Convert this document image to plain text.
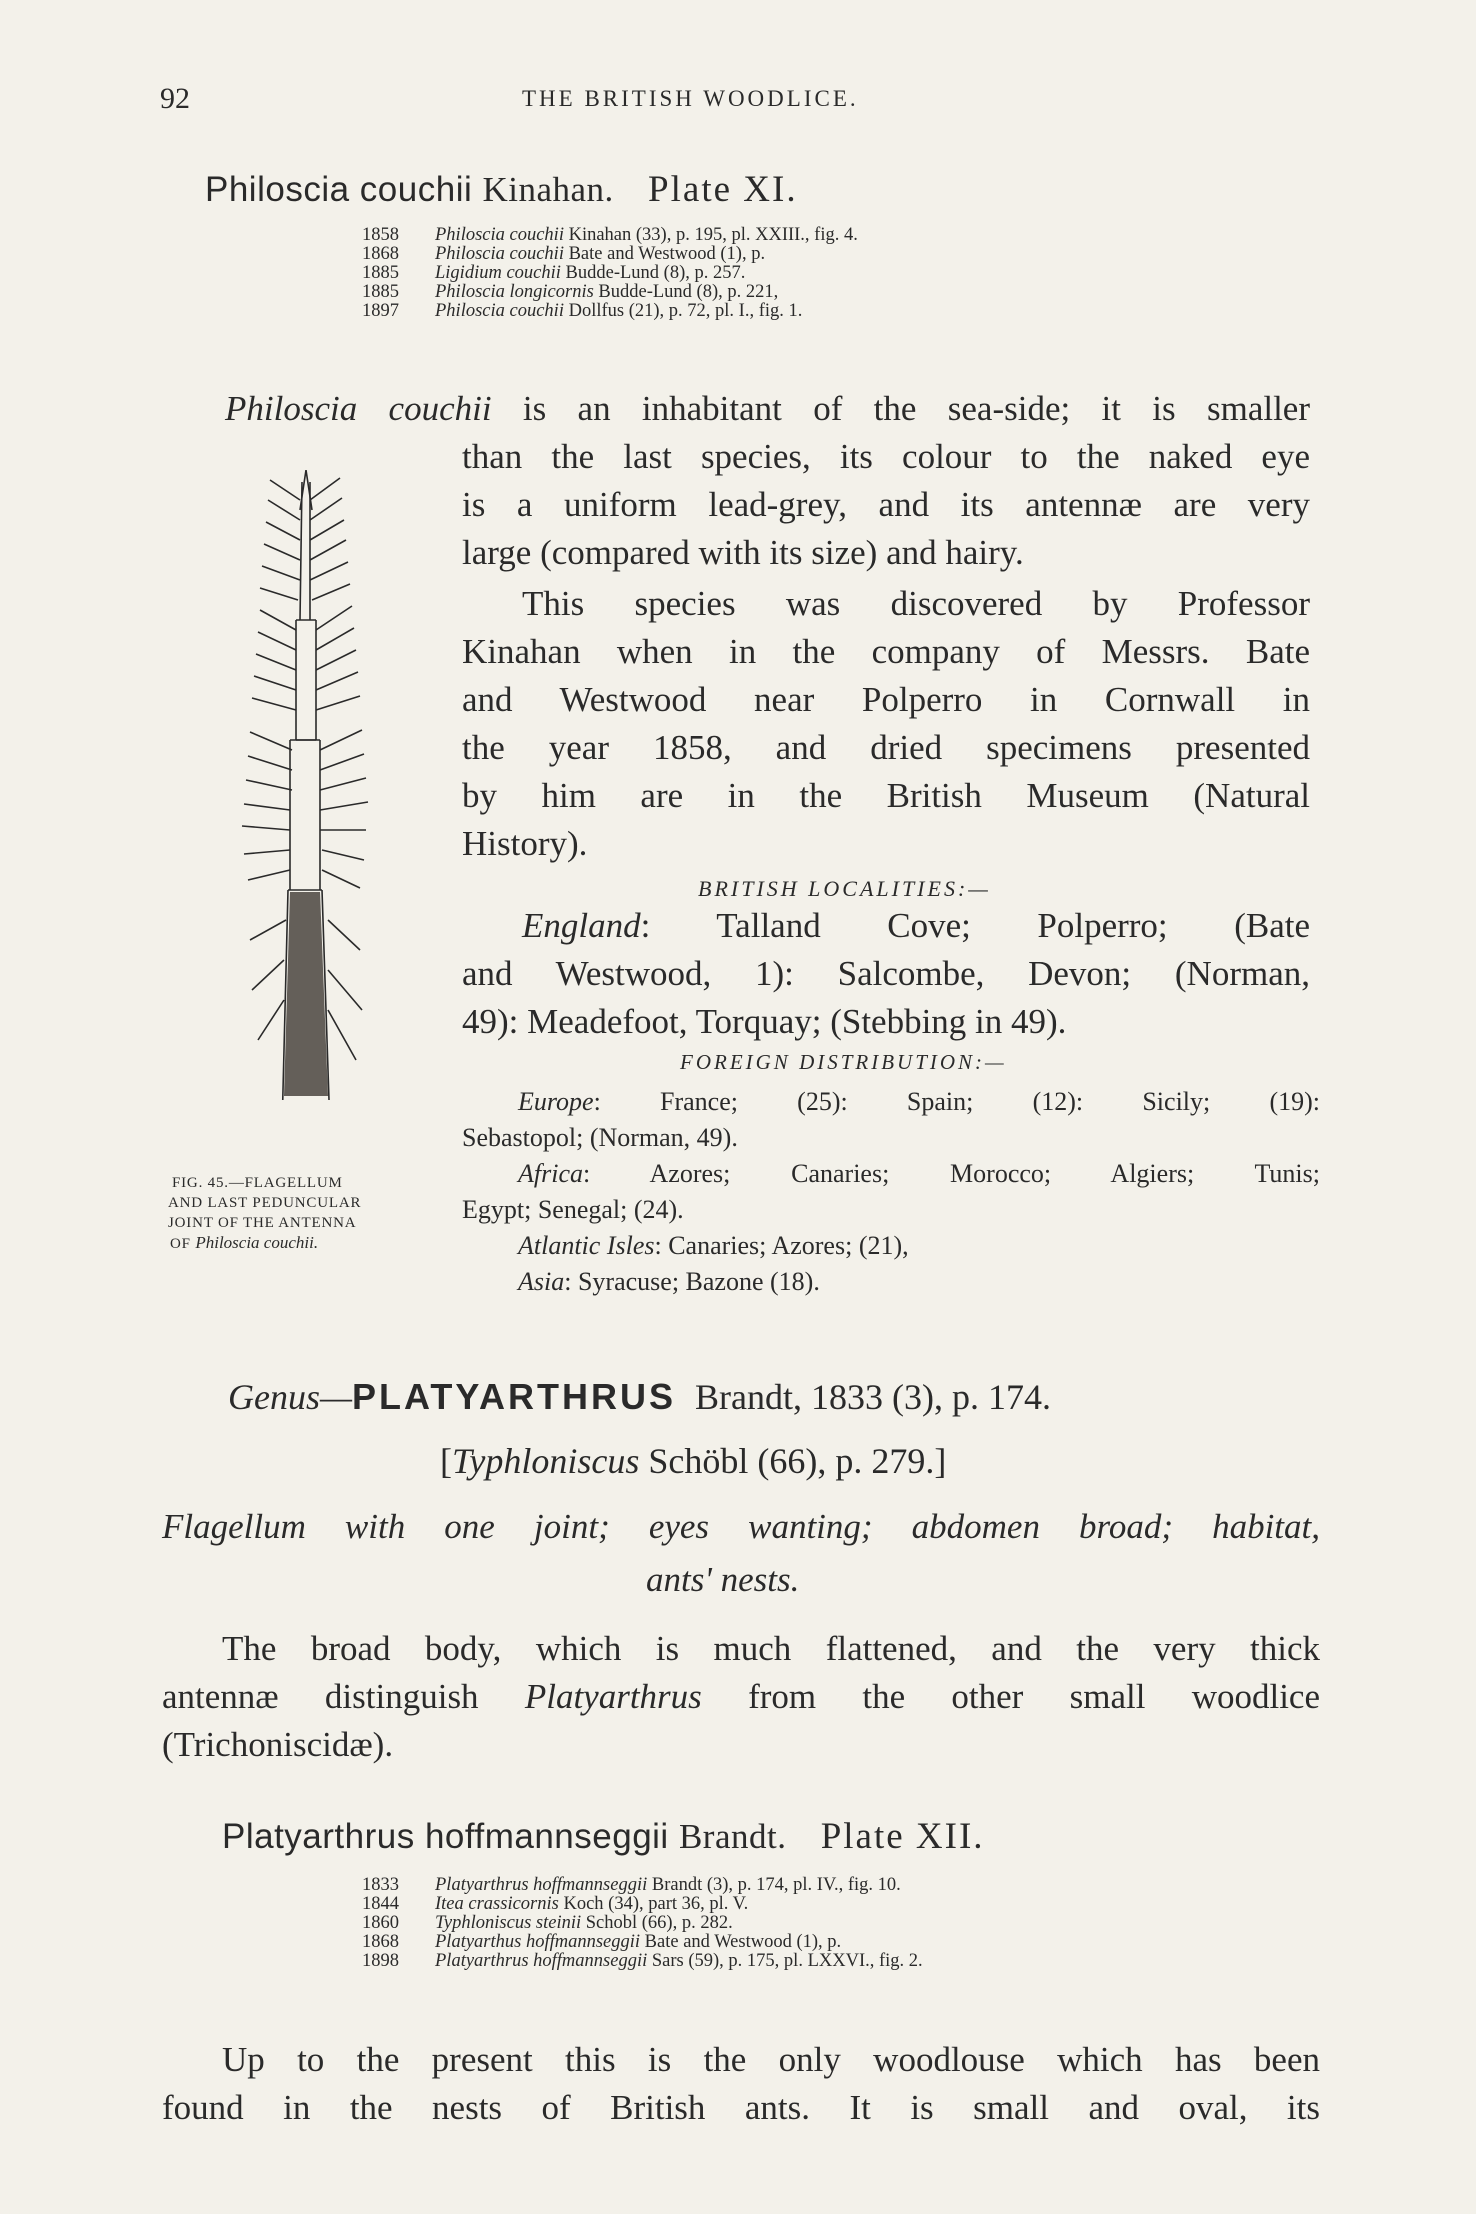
92	THE BRITISH WOODLICE.
Philoscia couchii Kinahan. Plate XI.
1858 Philoscia couchii Kinahan (33), p. 195, pl. XXIII., fig. 4.
1868 Philoscia couchii Bate and Westwood (1), p.
1885 Ligidium couchii Budde-Lund (8), p. 257.
1885 Philoscia longicornis Budde-Lund (8), p. 221,
1897 Philoscia couchii Dollfus (21), p. 72, pl. I., fig. 1.

Philoscia couchii is an inhabitant of the sea-side; it is smaller

than the last species, its colour to the naked eye

is a uniform lead-grey, and its antennæ are very

large (compared with its size) and hairy.

This species was discovered by Professor

Kinahan when in the company of Messrs. Bate

and Westwood near Polperro in Cornwall in

the year 1858, and dried specimens presented

by him are in the British Museum (Natural

History).

BRITISH LOCALITIES:—

England: Talland Cove; Polperro; (Bate

and Westwood, 1): Salcombe, Devon; (Norman,

49): Meadefoot, Torquay; (Stebbing in 49).

FOREIGN DISTRIBUTION:—
Europe: France; (25): Spain; (12): Sicily; (19):
Sebastopol; (Norman, 49).
Africa: Azores; Canaries; Morocco; Algiers; Tunis;
Egypt; Senegal; (24).
Atlantic Isles: Canaries; Azores; (21),
Asia: Syracuse; Bazone (18).
FIG. 45.—FLAGELLUM
AND LAST PEDUNCULAR
JOINT OF THE ANTENNA
OF Philoscia couchii.
Genus—PLATYARTHRUS Brandt, 1833 (3), p. 174.
[Typhloniscus Schöbl (66), p. 279.]

Flagellum with one joint; eyes wanting; abdomen broad; habitat,

ants' nests.

The broad body, which is much flattened, and the very thick

antennæ distinguish Platyarthrus from the other small woodlice

(Trichoniscidæ).

Platyarthrus hoffmannseggii Brandt. Plate XII.
1833 Platyarthrus hoffmannseggii Brandt (3), p. 174, pl. IV., fig. 10.
1844 Itea crassicornis Koch (34), part 36, pl. V.
1860 Typhloniscus steinii Schobl (66), p. 282.
1868 Platyarthus hoffmannseggii Bate and Westwood (1), p.
1898 Platyarthrus hoffmannseggii Sars (59), p. 175, pl. LXXVI., fig. 2.

Up to the present this is the only woodlouse which has been

found in the nests of British ants. It is small and oval, its
